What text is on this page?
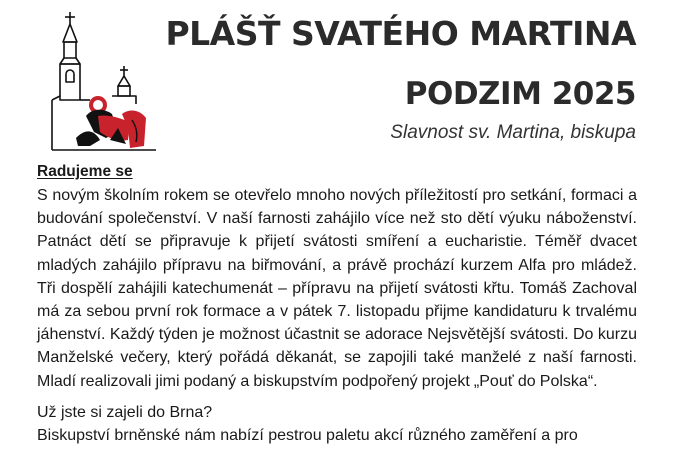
PLÁŠŤ SVATÉHO MARTINA
PODZIM 2025

Slavnost sv. Martina, biskupa

Radujeme se

S novým školním rokem se otevřelo mnoho nových příležitostí pro setkání, formaci a budování společenství. V naší farnosti zahájilo více než sto dětí výuku náboženství. Patnáct dětí se připravuje k přijetí svátosti smíření a eucharistie. Téměř dvacet mladých zahájilo přípravu na biřmování, a právě prochází kurzem Alfa pro mládež. Tři dospělí zahájili katechumenát – přípravu na přijetí svátosti křtu. Tomáš Zachoval má za sebou první rok formace a v pátek 7. listopadu přijme kandidaturu k trvalému jáhenství. Každý týden je možnost účastnit se adorace Nejsvětější svátosti. Do kurzu Manželské večery, který pořádá děkanát, se zapojili také manželé z naší farnosti. Mladí realizovali jimi podaný a biskupstvím podpořený projekt „Pouť do Polska“.

Už jste si zajeli do Brna?

Biskupství brněnské nám nabízí pestrou paletu akcí různého zaměření a pro
